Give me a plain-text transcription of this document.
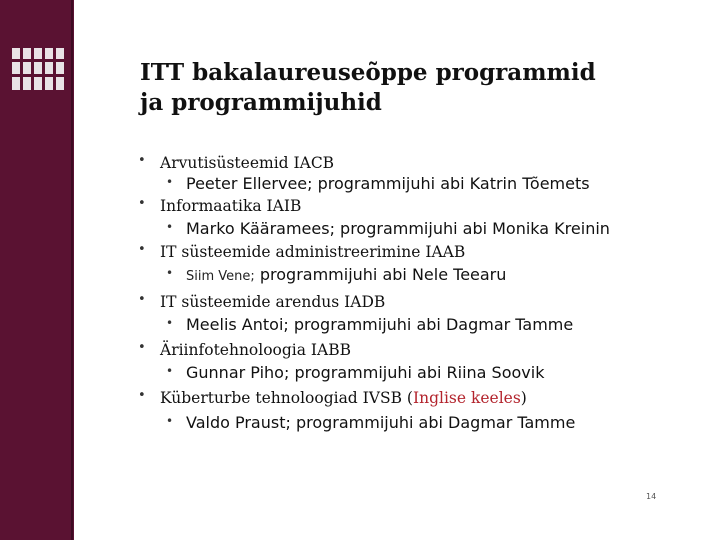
ITT bakalaureuseõppe programmid
ja programmijuhid
• Arvutisüsteemid IACB
• Peeter Ellervee; programmijuhi abi Katrin Tõemets
• Informaatika IAIB
• Marko Kääramees; programmijuhi abi Monika Kreinin
• IT süsteemide administreerimine IAAB
• Siim Vene; programmijuhi abi Nele Teearu
• IT süsteemide arendus IADB
• Meelis Antoi; programmijuhi abi Dagmar Tamme
• Äriinfotehnoloogia IABB
• Gunnar Piho; programmijuhi abi Riina Soovik
• Küberturbe tehnoloogiad IVSB (Inglise keeles)
• Valdo Praust; programmijuhi abi Dagmar Tamme
14
